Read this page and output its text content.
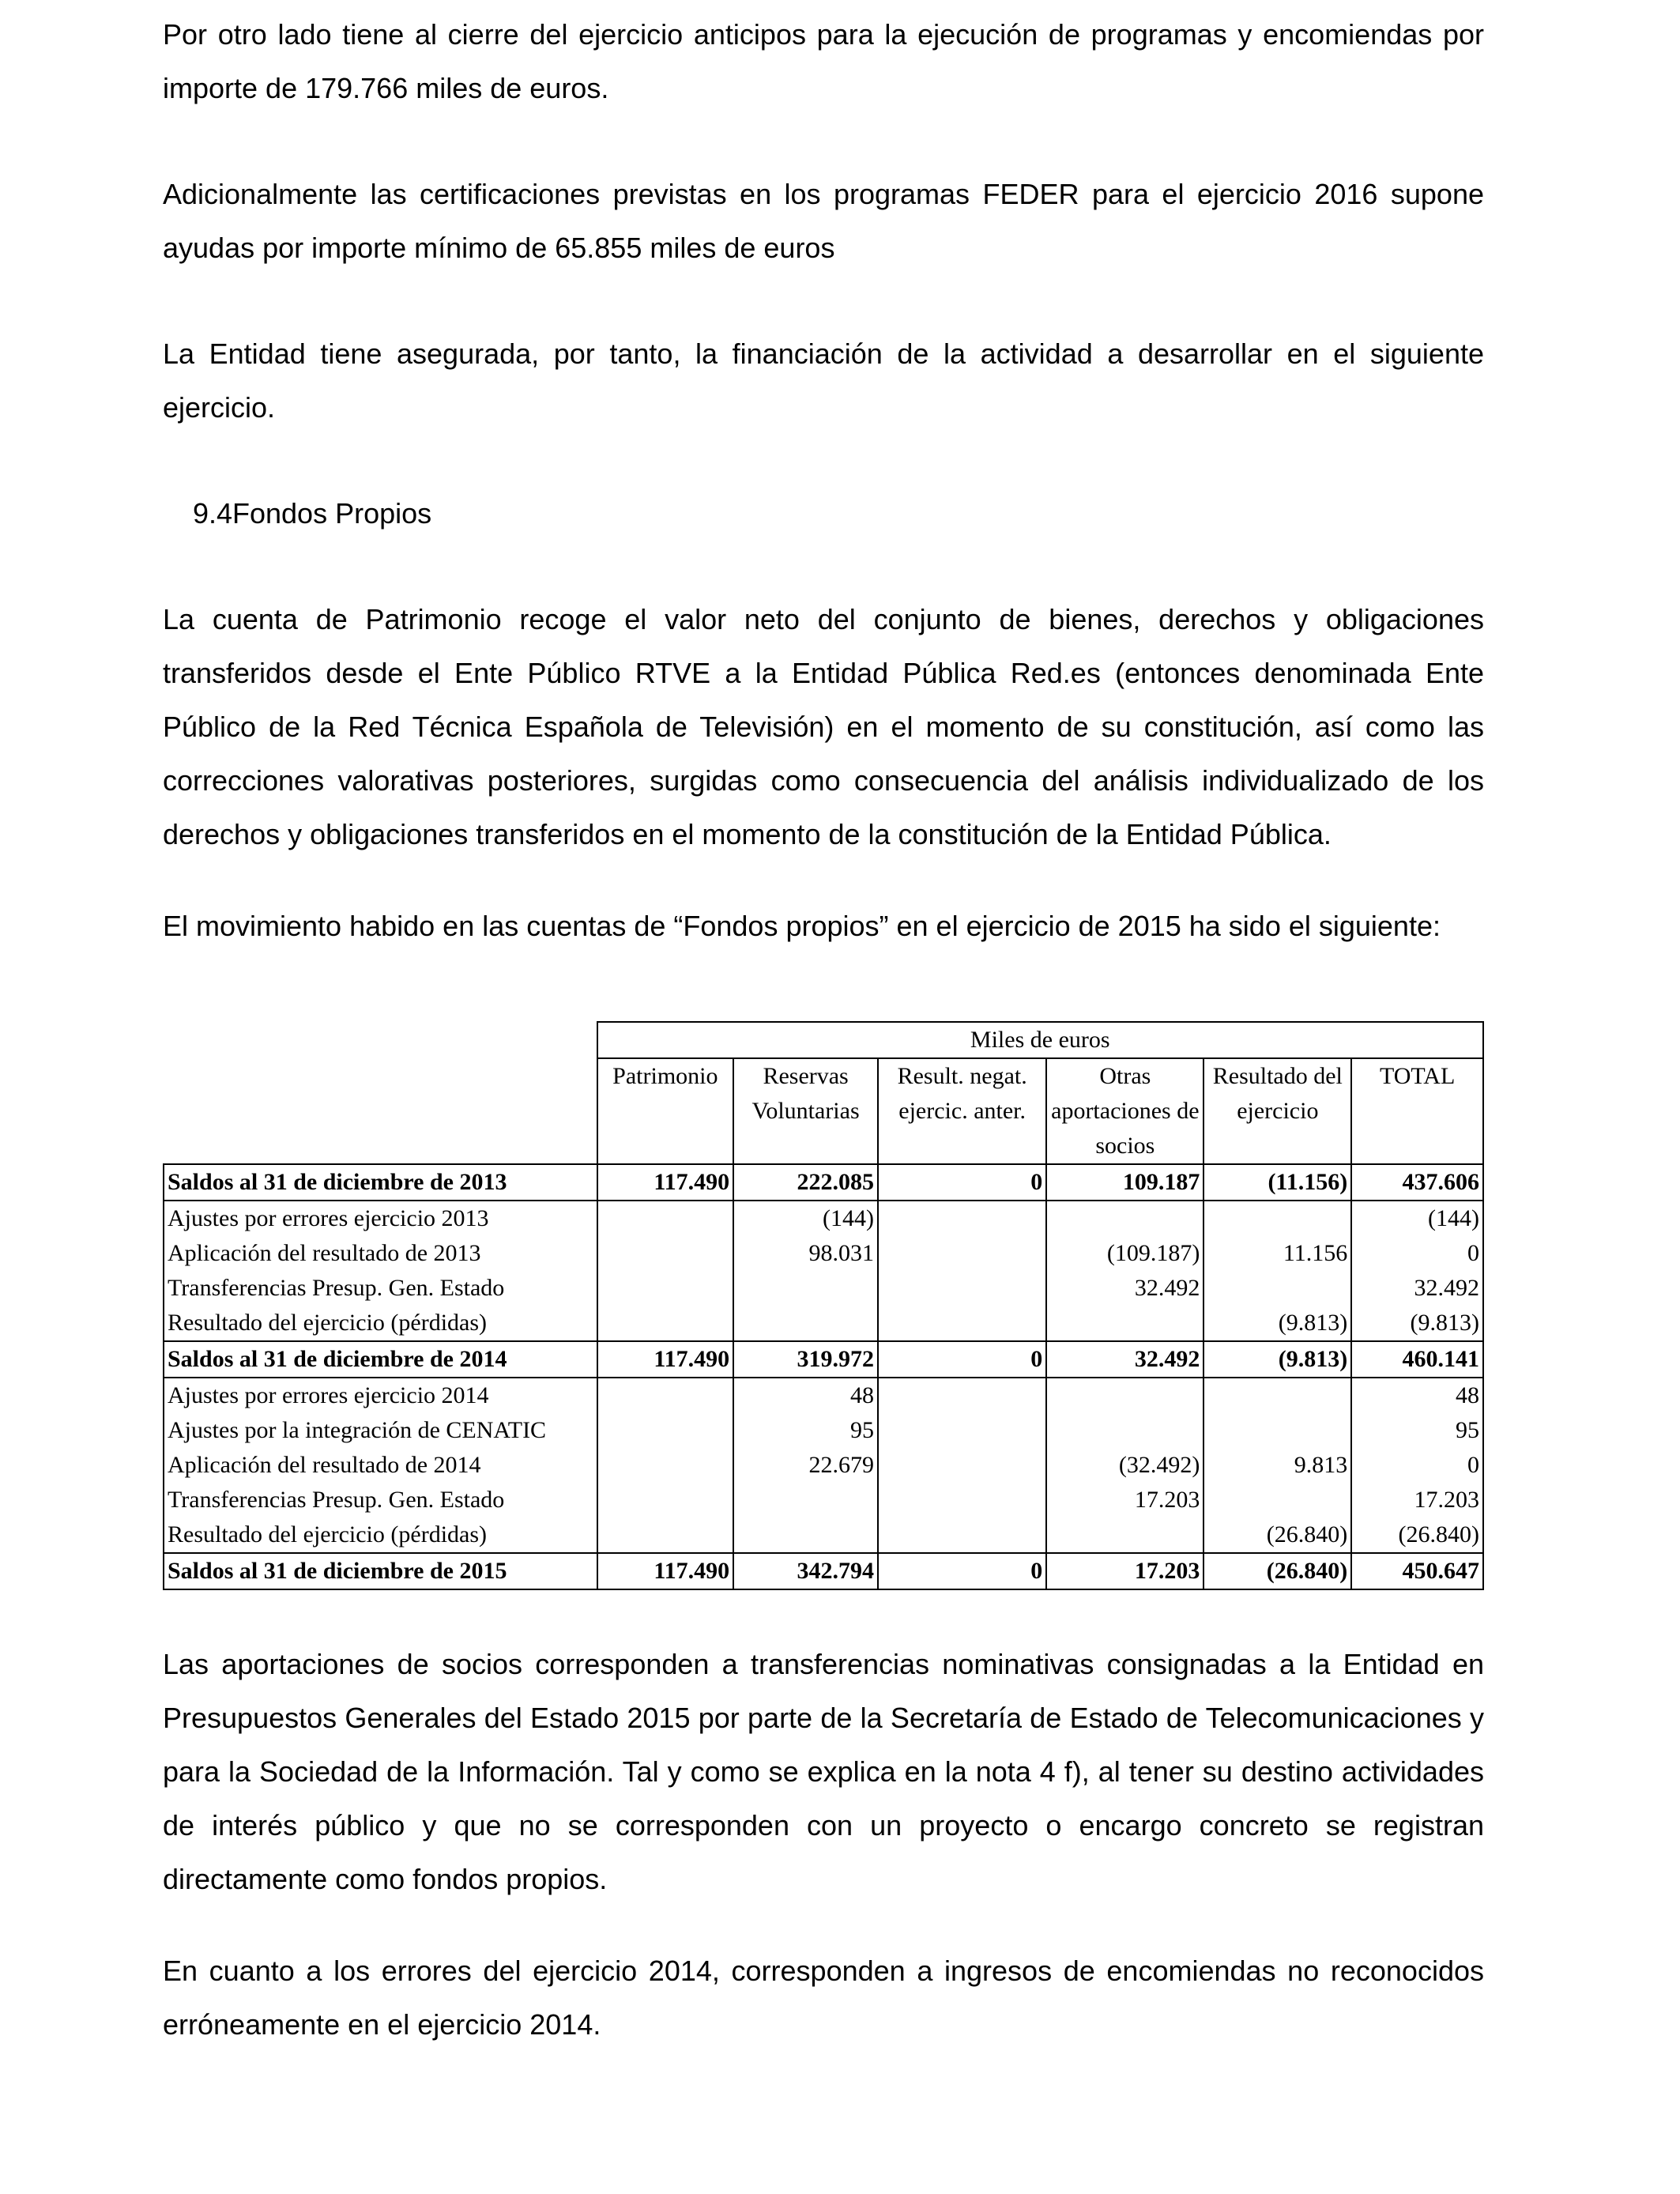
Por otro lado tiene al cierre del ejercicio anticipos para la ejecución de programas y encomiendas por importe de 179.766 miles de euros.

Adicionalmente las certificaciones previstas en los programas FEDER para el ejercicio 2016 supone ayudas por importe mínimo de 65.855 miles de euros

La Entidad tiene asegurada, por tanto, la financiación de la actividad a desarrollar en el siguiente ejercicio.

9.4Fondos Propios

La cuenta de Patrimonio recoge el valor neto del conjunto de bienes, derechos y obligaciones transferidos desde el Ente Público RTVE a la Entidad Pública Red.es (entonces denominada Ente Público de la Red Técnica Española de Televisión) en el momento de su constitución, así como las correcciones valorativas posteriores, surgidas como consecuencia del análisis individualizado de los derechos y obligaciones transferidos en el momento de la constitución de la Entidad Pública.

El movimiento habido en las cuentas de “Fondos propios” en el ejercicio de 2015 ha sido el siguiente:

	Miles de euros					
	Patrimonio	Reservas Voluntarias	Result. negat. ejercic. anter.	Otras aportaciones de socios	Resultado del ejercicio	TOTAL
Saldos al 31 de diciembre de 2013	117.490	222.085	0	109.187	(11.156)	437.606
Ajustes por errores ejercicio 2013		(144)				(144)
Aplicación del resultado de 2013		98.031		(109.187)	11.156	0
Transferencias Presup. Gen. Estado				32.492		32.492
Resultado del ejercicio (pérdidas)					(9.813)	(9.813)
Saldos al 31 de diciembre de 2014	117.490	319.972	0	32.492	(9.813)	460.141
Ajustes por errores ejercicio 2014		48				48
Ajustes por la integración de CENATIC		95				95
Aplicación del resultado de 2014		22.679		(32.492)	9.813	0
Transferencias Presup. Gen. Estado				17.203		17.203
Resultado del ejercicio (pérdidas)					(26.840)	(26.840)
Saldos al 31 de diciembre de 2015	117.490	342.794	0	17.203	(26.840)	450.647

Las aportaciones de socios corresponden a transferencias nominativas consignadas a la Entidad en Presupuestos Generales del Estado 2015 por parte de la Secretaría de Estado de Telecomunicaciones y para la Sociedad de la Información. Tal y como se explica en la nota 4 f), al tener su destino actividades de interés público y que no se corresponden con un proyecto o encargo concreto se registran directamente como fondos propios.

En cuanto a los errores del ejercicio 2014, corresponden a ingresos de encomiendas no reconocidos erróneamente en el ejercicio 2014.
